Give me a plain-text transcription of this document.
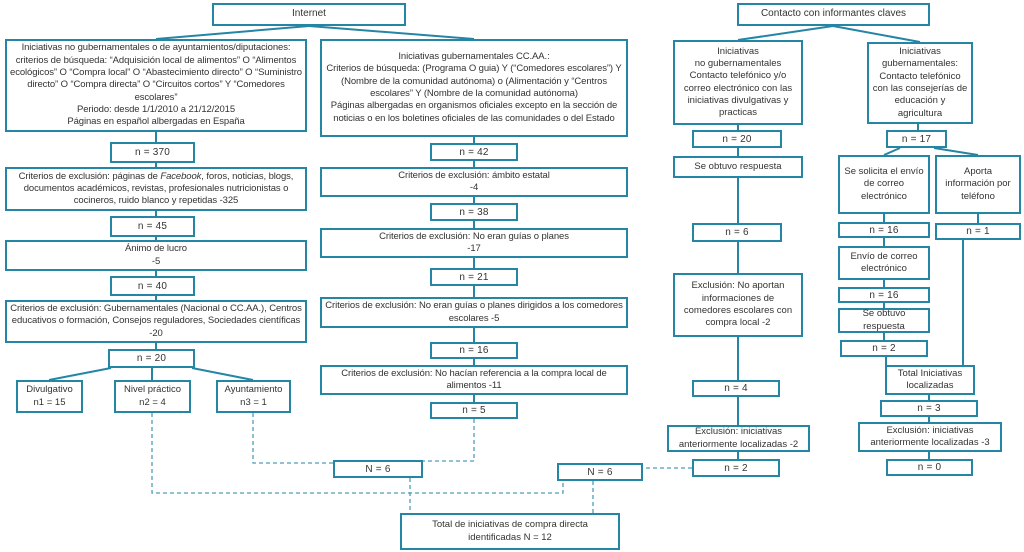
Internet	Contacto con informantes claves
Iniciativas no gubernamentales o de ayuntamientos/diputaciones: criterios de búsqueda: “Adquisición local de alimentos” O “Alimentos ecológicos” O “Compra local” O “Abastecimiento directo” O “Suministro directo” O “Compra directa” O “Circuitos cortos” Y “Comedores escolares”
Periodo: desde 1/1/2010 a 21/12/2015
Páginas en español albergadas en España
n = 370
Criterios de exclusión: páginas de Facebook, foros, noticias, blogs, documentos académicos, revistas, profesionales nutricionistas o cocineros, ruido blanco y repetidas -325
n = 45
Ánimo de lucro
-5
n = 40
Criterios de exclusión: Gubernamentales (Nacional o CC.AA.), Centros educativos o formación, Consejos reguladores, Sociedades científicas -20
n = 20
Divulgativo
n1 = 15
Nivel práctico
n2 = 4
Ayuntamiento
n3 = 1
Iniciativas gubernamentales CC.AA.:
Criterios de búsqueda: (Programa O guia) Y (“Comedores escolares”) Y (Nombre de la comunidad autónoma) o (Alimentación y “Centros escolares” Y (Nombre de la comunidad autónoma)
Páginas albergadas en organismos oficiales excepto en la sección de noticias o en los boletines oficiales de las comunidades o del Estado
n = 42
Criterios de exclusión: ámbito estatal
-4
n = 38
Criterios de exclusión: No eran guías o planes
-17
n = 21
Criterios de exclusión: No eran guías o planes dirigidos a los comedores escolares -5
n = 16
Criterios de exclusión: No hacían referencia a la compra local de alimentos -11
n = 5
Iniciativas
no gubernamentales
Contacto telefónico y/o correo electrónico con las iniciativas divulgativas y practicas
n = 20
Se obtuvo respuesta
n = 6
Exclusión: No aportan informaciones de comedores escolares con compra local -2
n = 4
Exclusión: iniciativas anteriormente localizadas -2
n = 2
Iniciativas
gubernamentales:
Contacto telefónico con las consejerías de educación y agricultura
n = 17
Se solicita el envío de correo electrónico
Aporta información por teléfono
n = 16	n = 1
Envío de correo electrónico
n = 16
Se obtuvo respuesta
n = 2
Total Iniciativas localizadas
n = 3
Exclusión: iniciativas anteriormente localizadas -3
n = 0
N = 6	N = 6
Total de iniciativas de compra directa
identificadas N = 12
